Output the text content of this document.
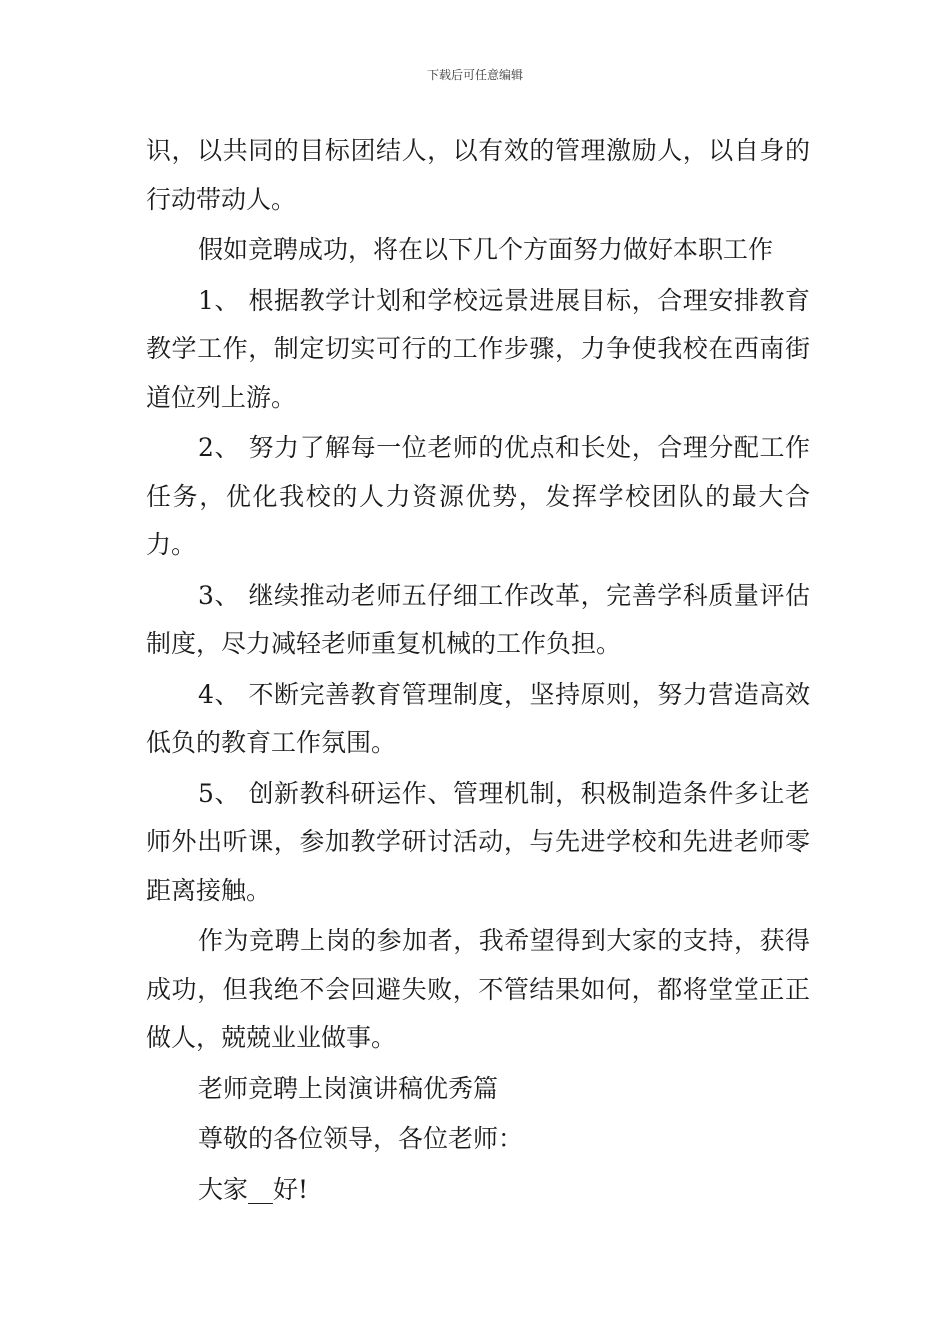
下载后可任意编辑

识，以共同的目标团结人，以有效的管理激励人，以自身的行动带动人。

假如竞聘成功，将在以下几个方面努力做好本职工作

1、 根据教学计划和学校远景进展目标，合理安排教育教学工作，制定切实可行的工作步骤，力争使我校在西南街道位列上游。

2、 努力了解每一位老师的优点和长处，合理分配工作任务，优化我校的人力资源优势，发挥学校团队的最大合力。

3、 继续推动老师五仔细工作改革，完善学科质量评估制度，尽力减轻老师重复机械的工作负担。

4、 不断完善教育管理制度，坚持原则，努力营造高效低负的教育工作氛围。

5、 创新教科研运作、管理机制，积极制造条件多让老师外出听课，参加教学研讨活动，与先进学校和先进老师零距离接触。

作为竞聘上岗的参加者，我希望得到大家的支持，获得成功，但我绝不会回避失败，不管结果如何，都将堂堂正正做人，兢兢业业做事。

老师竞聘上岗演讲稿优秀篇

尊敬的各位领导，各位老师：

大家__好!
